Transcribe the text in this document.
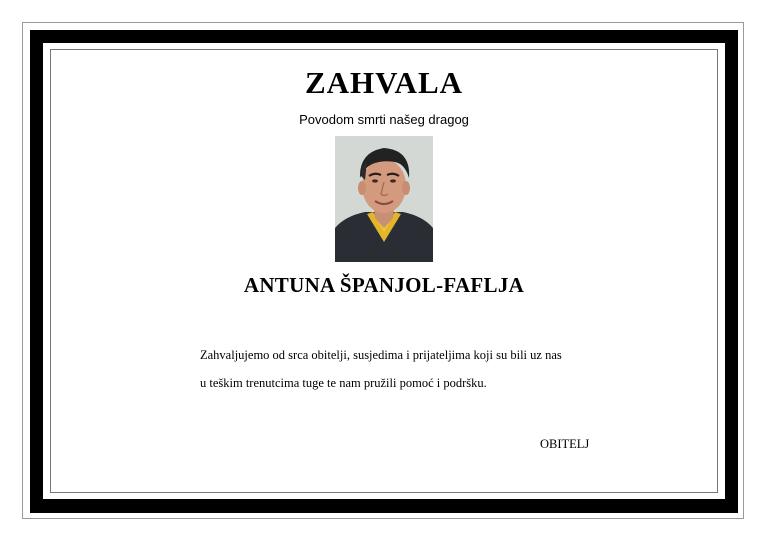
ZAHVALA
Povodom smrti našeg dragog
ANTUNA ŠPANJOL-FAFLJA

Zahvaljujemo od srca obitelji, susjedima i prijateljima koji su bili uz nas

u teškim trenutcima tuge te nam pružili pomoć i podršku.

OBITELJ
